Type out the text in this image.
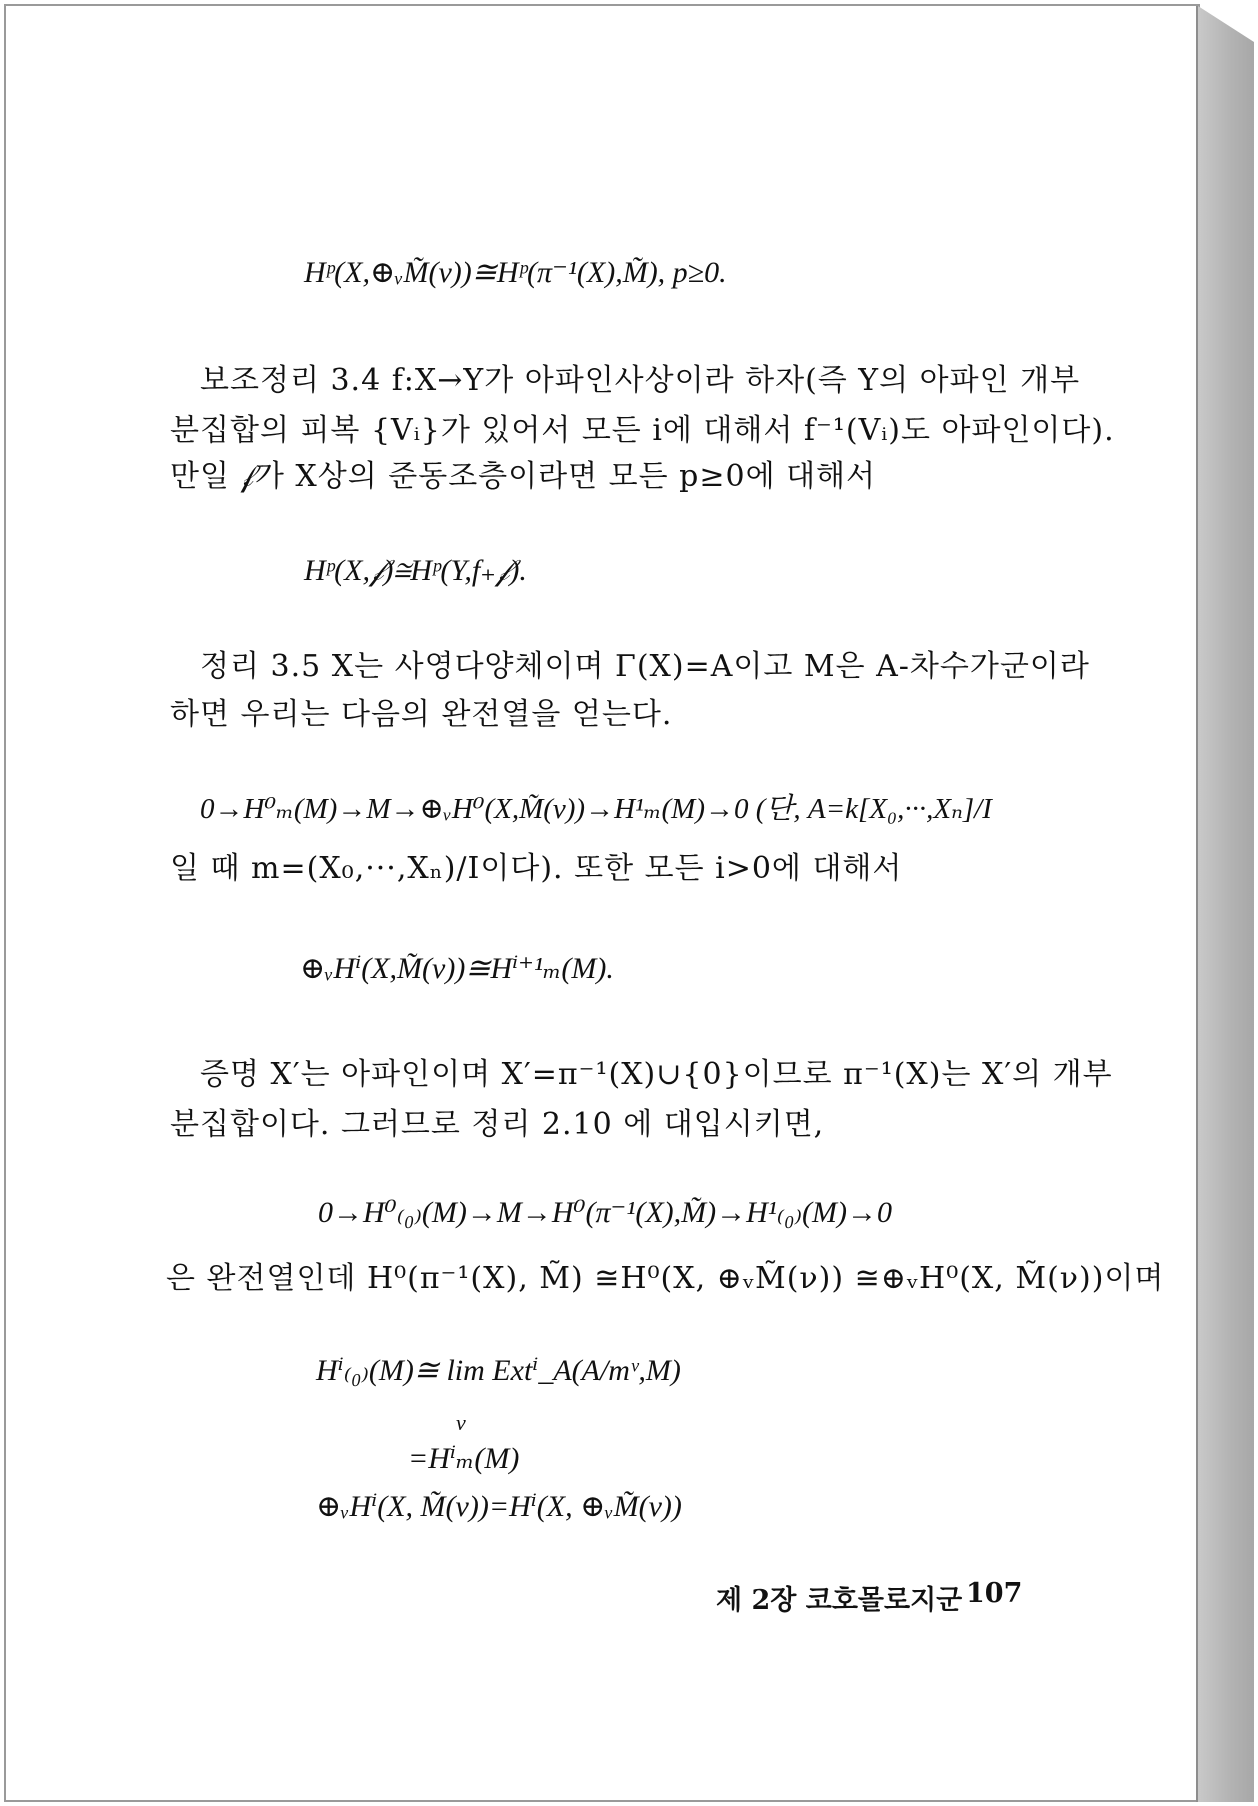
Hᵖ(X,⊕ᵥM̃(ν))≅Hᵖ(π⁻¹(X),M̃), p≥0.
보조정리 3.4 f:X→Y가 아파인사상이라 하자(즉 Y의 아파인 개부
분집합의 피복 {Vᵢ}가 있어서 모든 i에 대해서 f⁻¹(Vᵢ)도 아파인이다).
만일 𝒻가 X상의 준동조층이라면 모든 p≥0에 대해서
Hᵖ(X,𝒻)≅Hᵖ(Y,f₊𝒻).
정리 3.5 X는 사영다양체이며 Γ(X)=A이고 M은 A-차수가군이라
하면 우리는 다음의 완전열을 얻는다.
0→H⁰ₘ(M)→M→⊕ᵥH⁰(X,M̃(ν))→H¹ₘ(M)→0 (단, A=k[X₀,···,Xₙ]/I
일 때 m=(X₀,···,Xₙ)/I이다). 또한 모든 i>0에 대해서
⊕ᵥHⁱ(X,M̃(ν))≅Hⁱ⁺¹ₘ(M).
증명 X′는 아파인이며 X′=π⁻¹(X)∪{0}이므로 π⁻¹(X)는 X′의 개부
분집합이다. 그러므로 정리 2.10 에 대입시키면,
0→H⁰₍₀₎(M)→M→H⁰(π⁻¹(X),M̃)→H¹₍₀₎(M)→0
은 완전열인데 H⁰(π⁻¹(X), M̃) ≅H⁰(X, ⊕ᵥM̃(ν)) ≅⊕ᵥH⁰(X, M̃(ν))이며
Hⁱ₍₀₎(M)≅ lim Extⁱ_A(A/mᵛ,M)
ν
=Hⁱₘ(M)
⊕ᵥHⁱ(X, M̃(ν))=Hⁱ(X, ⊕ᵥM̃(ν))
제 2장 코호몰로지군 107
